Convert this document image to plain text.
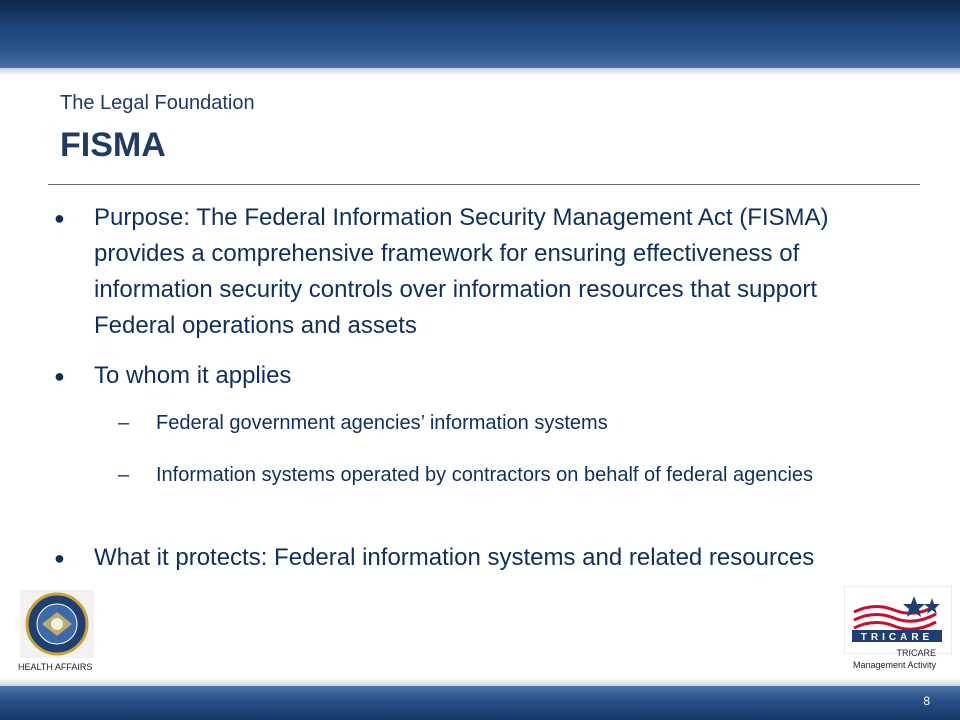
The Legal Foundation
FISMA
● Purpose: The Federal Information Security Management Act (FISMA) provides a comprehensive framework for ensuring effectiveness of information security controls over information resources that support Federal operations and assets
● To whom it applies
– Federal government agencies’ information systems
– Information systems operated by contractors on behalf of federal agencies
● What it protects: Federal information systems and related resources
HEALTH AFFAIRS
TRICARE
TRICARE
Management Activity
8
